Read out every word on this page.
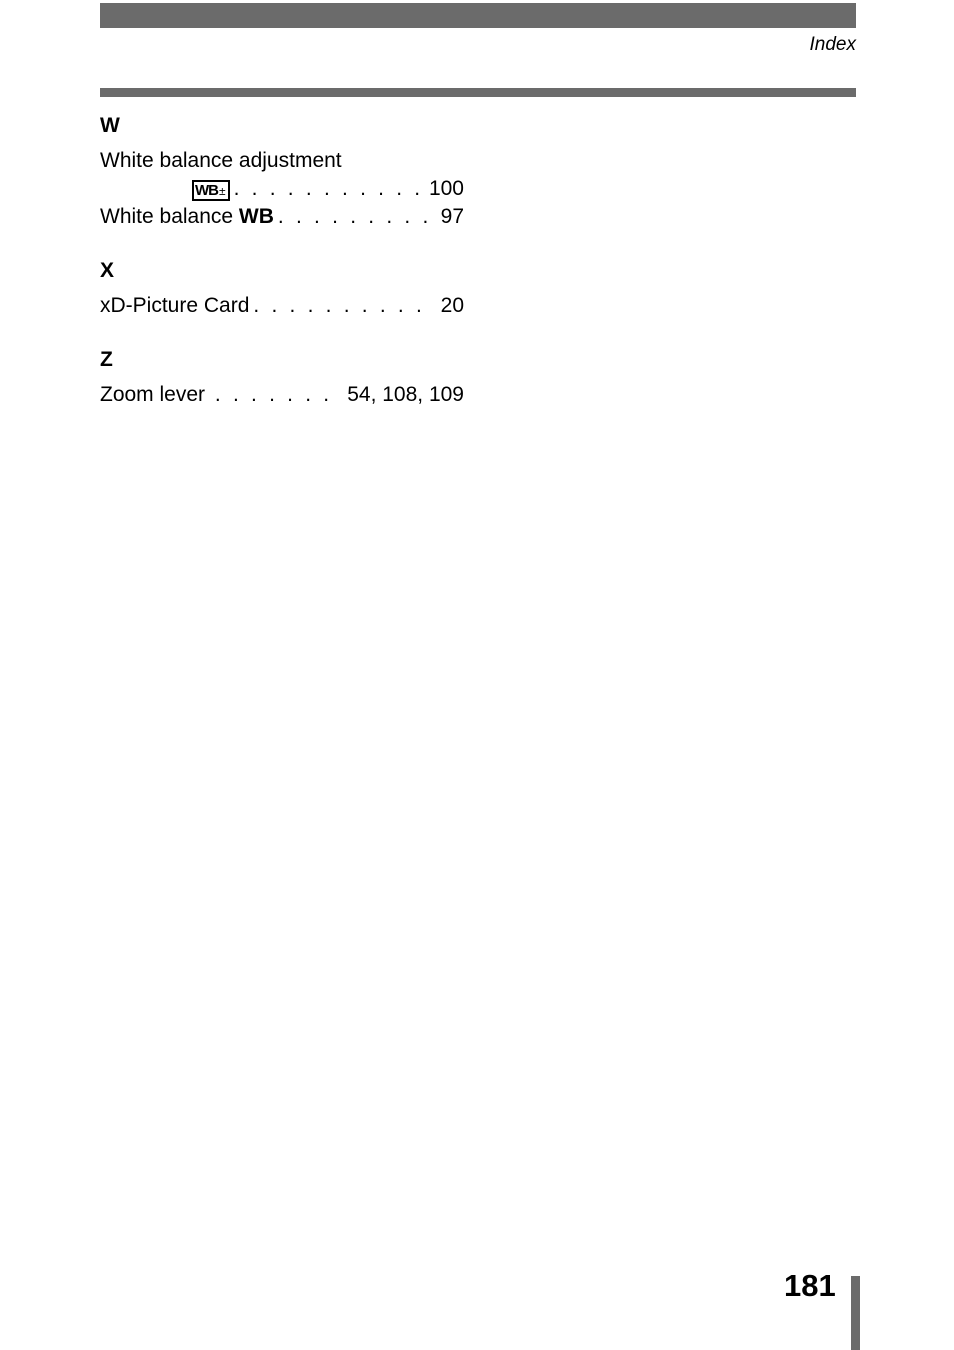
Index
W
White balance adjustment
WB± . . .	100
White balance WB . . .	97
X
xD-Picture Card . . .	20
Z
Zoom lever . . .	54, 108, 109
181
